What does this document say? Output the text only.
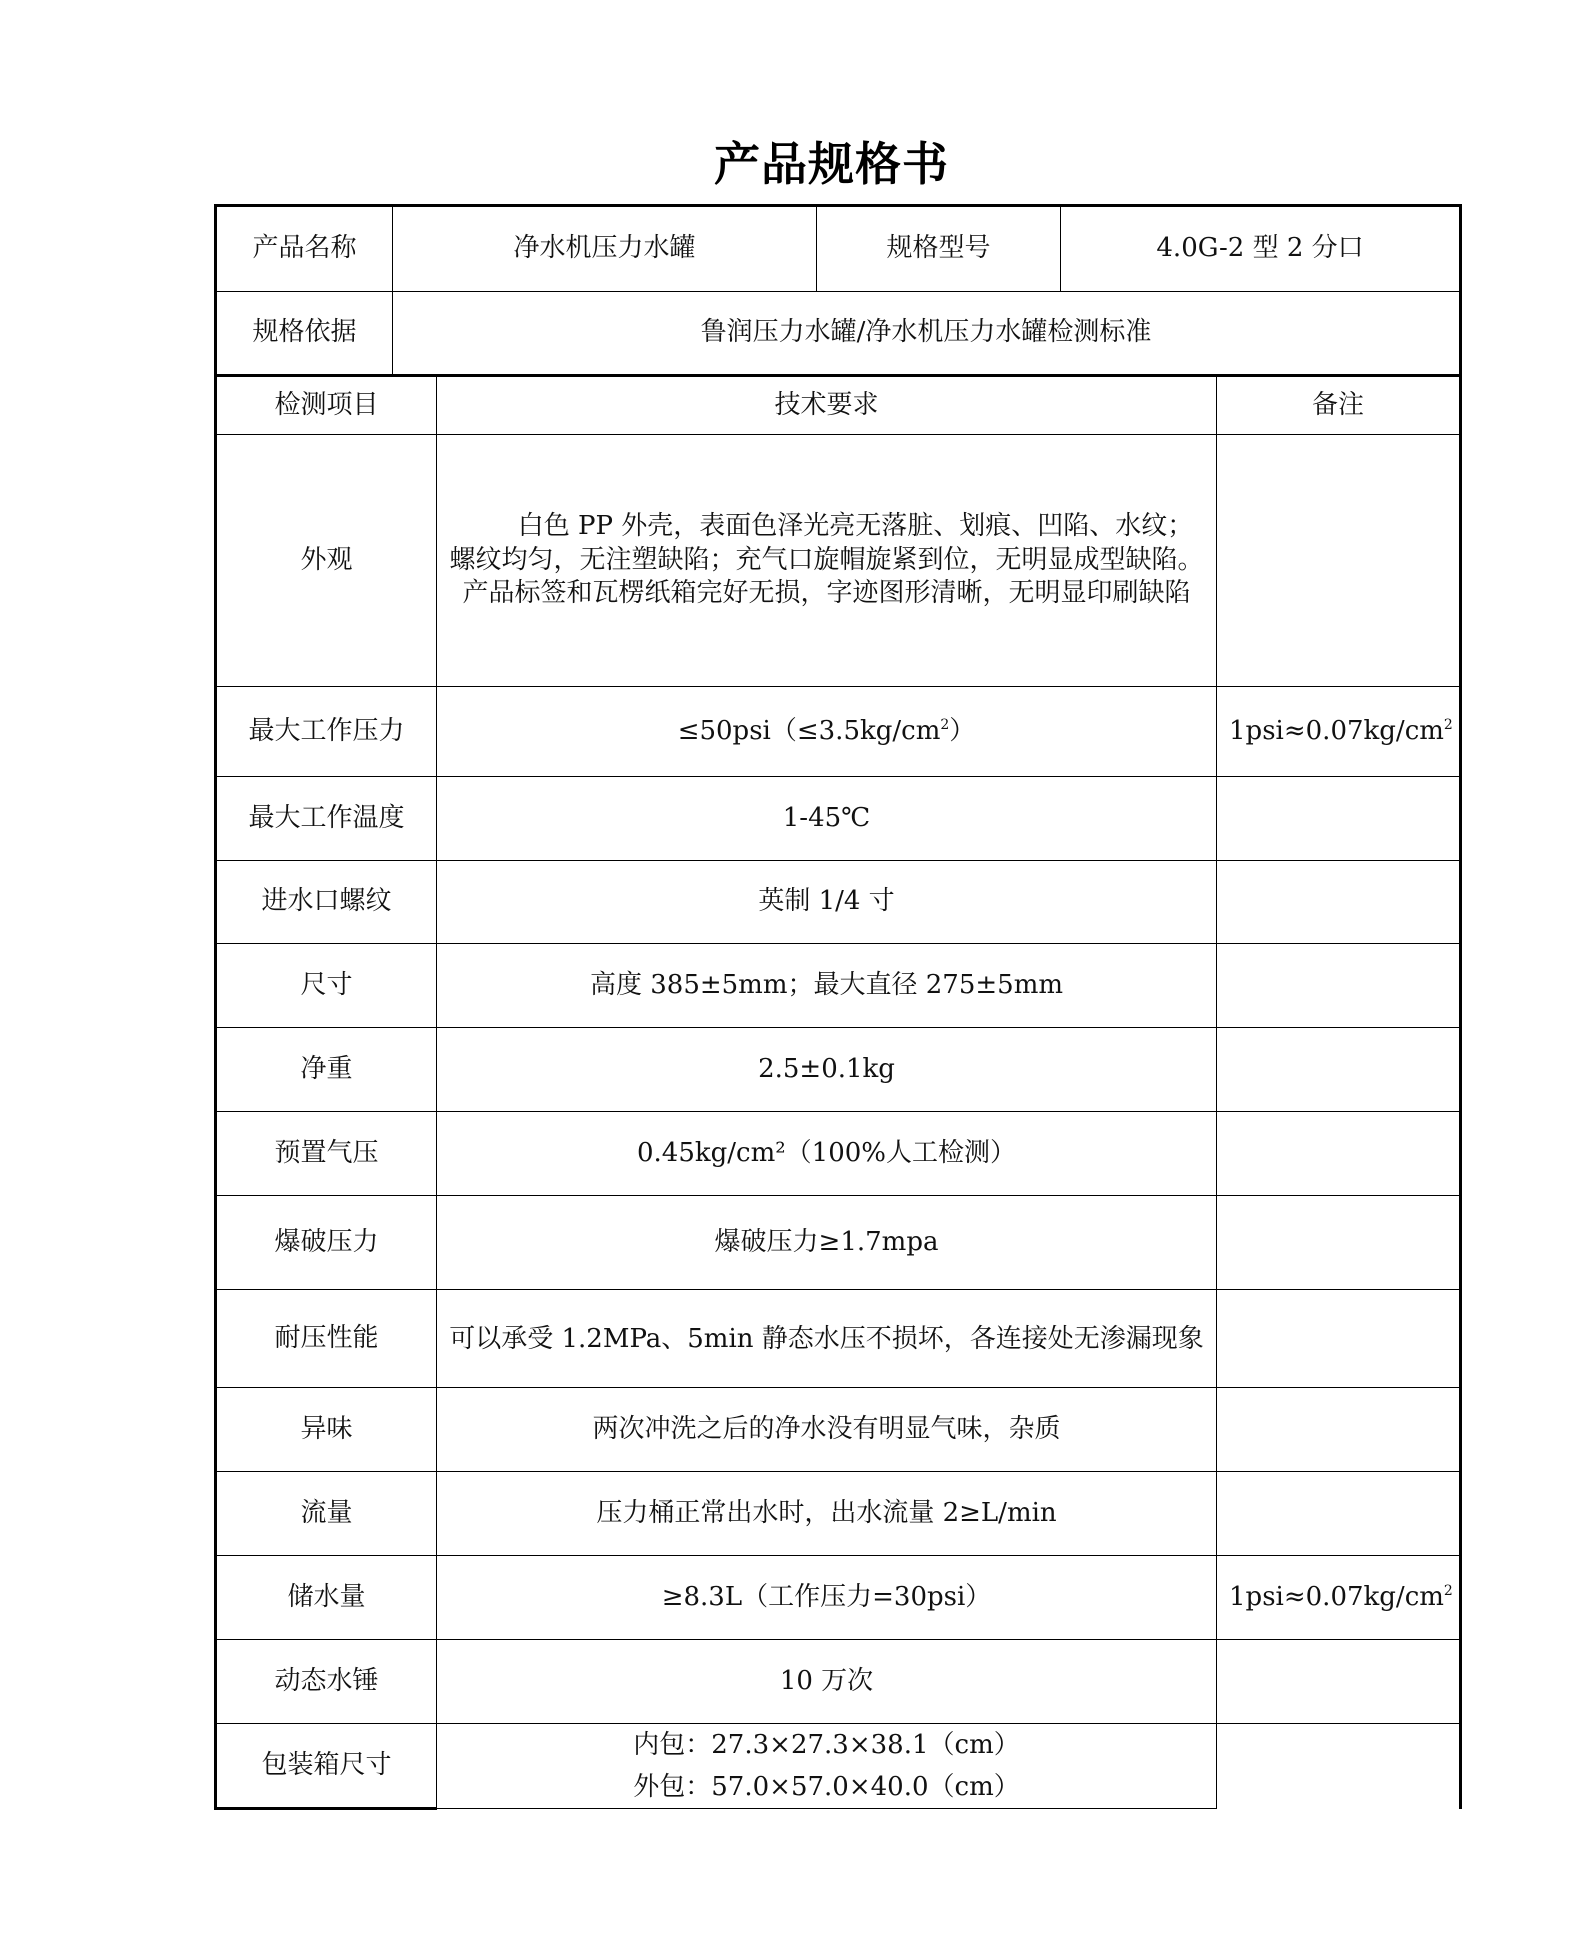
产品规格书
产品名称	净水机压力水罐		规格型号	4.0G-2 型 2 分口	
规格依据	鲁润压力水罐/净水机压力水罐检测标准				
检测项目		技术要求			备注
外观		白色 PP 外壳，表面色泽光亮无落脏、划痕、凹陷、水纹；螺纹均匀，无注塑缺陷；充气口旋帽旋紧到位，无明显成型缺陷。产品标签和瓦楞纸箱完好无损，字迹图形清晰，无明显印刷缺陷			
最大工作压力		$\le 50psi(\le 3.5kg/cm^2)$			$1psi\approx 0.07kg/cm^2$
最大工作温度		1-45℃			
进水口螺纹		英制 1/4 寸			
尺寸		高度 385±5mm；最大直径 275±5mm			
净重		2.5±0.1kg			
预置气压		0.45kg/cm²（100%人工检测）			
爆破压力		爆破压力≥1.7mpa			
耐压性能		可以承受 1.2MPa、5min 静态水压不损坏，各连接处无渗漏现象			
异味		两次冲洗之后的净水没有明显气味，杂质			
流量		压力桶正常出水时，出水流量 2≥L/min			
储水量		≥8.3L（工作压力=30psi）			$1psi\approx 0.07kg/cm^2$
动态水锤		10 万次			
包装箱尺寸		内包：27.3×27.3×38.1（cm）
外包：57.0×57.0×40.0（cm）			
